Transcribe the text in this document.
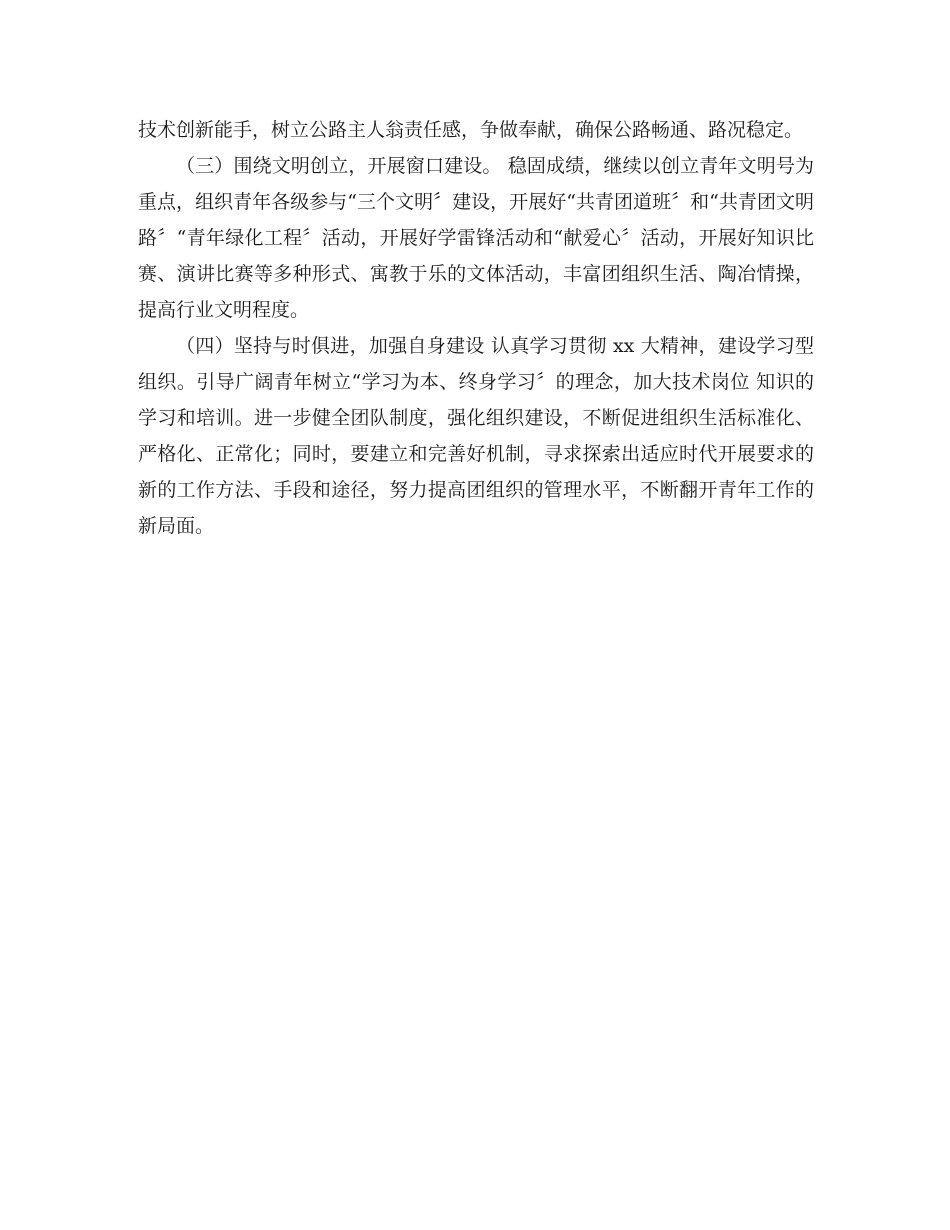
技术创新能手，树立公路主人翁责任感，争做奉献，确保公路畅通、路况稳定。

（三）围绕文明创立，开展窗口建设。 稳固成绩，继续以创立青年文明号为重点，组织青年各级参与“三个文明〞建设，开展好“共青团道班〞和“共青团文明路〞“青年绿化工程〞活动，开展好学雷锋活动和“献爱心〞活动，开展好知识比赛、演讲比赛等多种形式、寓教于乐的文体活动，丰富团组织生活、陶冶情操，提高行业文明程度。

（四）坚持与时俱进，加强自身建设 认真学习贯彻 xx 大精神，建设学习型组织。引导广阔青年树立“学习为本、终身学习〞的理念，加大技术岗位 知识的学习和培训。进一步健全团队制度，强化组织建设，不断促进组织生活标准化、严格化、正常化；同时，要建立和完善好机制，寻求探索出适应时代开展要求的新的工作方法、手段和途径，努力提高团组织的管理水平，不断翻开青年工作的新局面。
